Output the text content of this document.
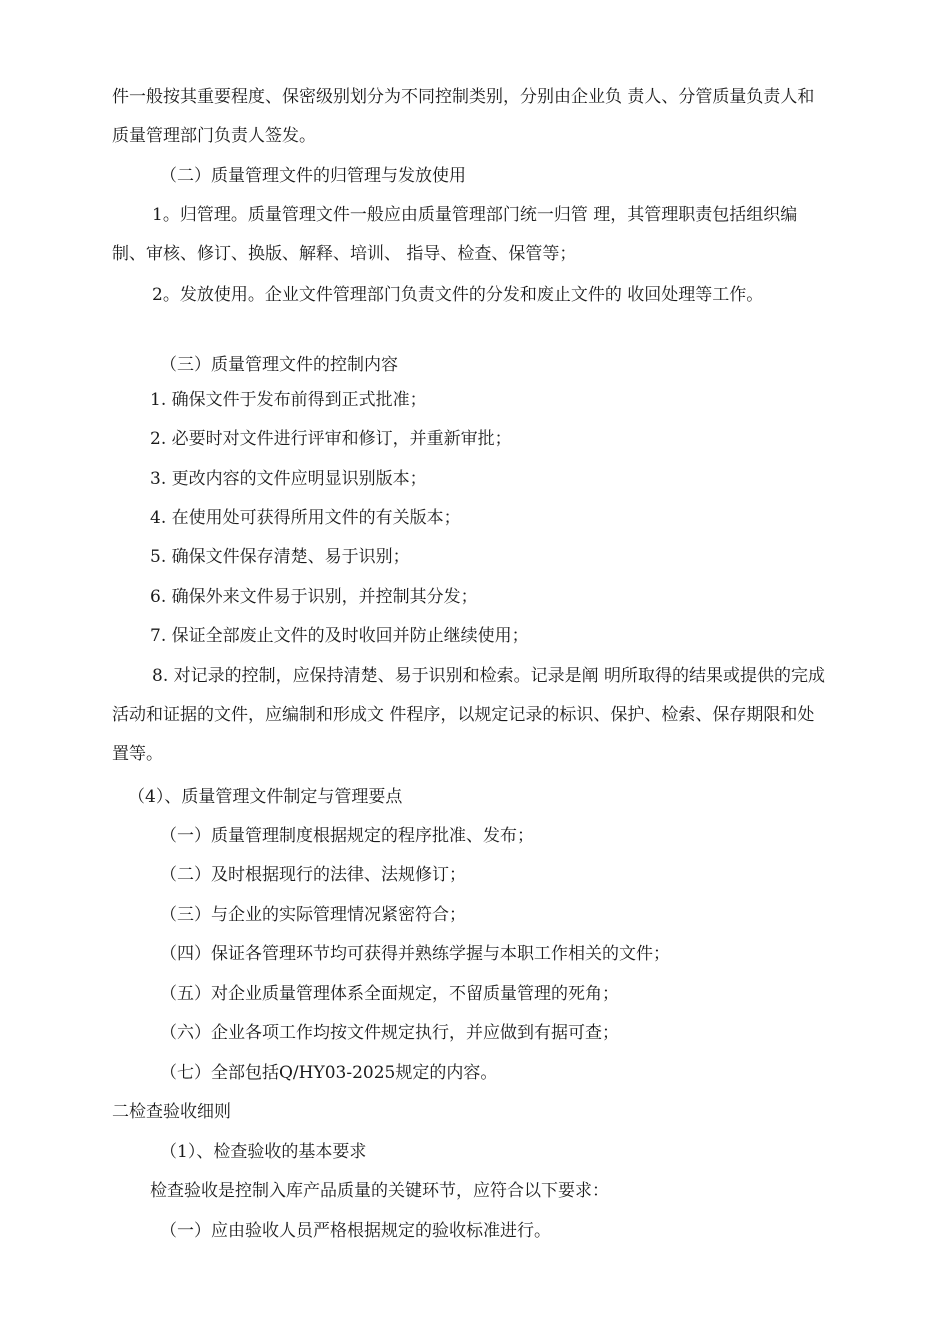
件一般按其重要程度、保密级别划分为不同控制类别，分别由企业负 责人、分管质量负责人和质量管理部门负责人签发。

（二）质量管理文件的归管理与发放使用

1。归管理。质量管理文件一般应由质量管理部门统一归管 理，其管理职责包括组织编制、审核、修订、换版、解释、培训、 指导、检查、保管等；

2。发放使用。企业文件管理部门负责文件的分发和废止文件的 收回处理等工作。

（三）质量管理文件的控制内容

1. 确保文件于发布前得到正式批准；

2. 必要时对文件进行评审和修订，并重新审批；

3. 更改内容的文件应明显识别版本；

4. 在使用处可获得所用文件的有关版本；

5. 确保文件保存清楚、易于识别；

6. 确保外来文件易于识别，并控制其分发；

7. 保证全部废止文件的及时收回并防止继续使用；

8. 对记录的控制，应保持清楚、易于识别和检索。记录是阐 明所取得的结果或提供的完成活动和证据的文件，应编制和形成文 件程序，以规定记录的标识、保护、检索、保存期限和处置等。

（4）、质量管理文件制定与管理要点

（一）质量管理制度根据规定的程序批准、发布；

（二）及时根据现行的法律、法规修订；

（三）与企业的实际管理情况紧密符合；

（四）保证各管理环节均可获得并熟练学握与本职工作相关的文件；

（五）对企业质量管理体系全面规定，不留质量管理的死角；

（六）企业各项工作均按文件规定执行，并应做到有据可查；

（七）全部包括Q/HY03-2025规定的内容。

二检查验收细则

（1）、检查验收的基本要求

检查验收是控制入库产品质量的关键环节，应符合以下要求：

（一）应由验收人员严格根据规定的验收标准进行。
